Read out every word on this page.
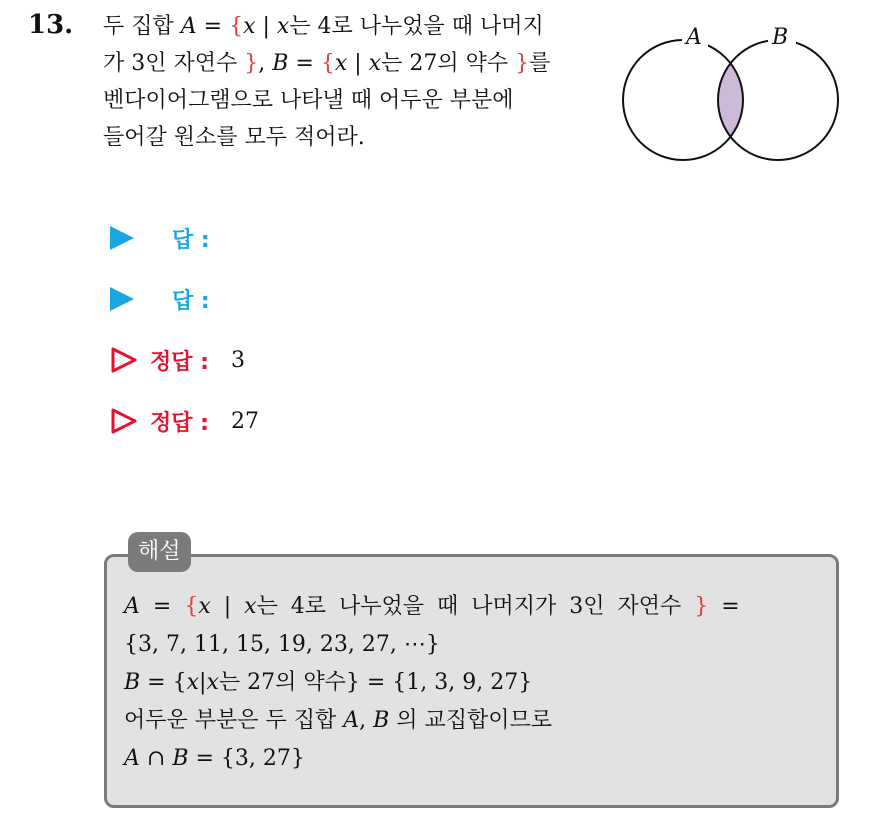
13. 두 집합 A = {x | x는 4로 나누었을 때 나머지
가 3인 자연수 }, B = {x | x는 27의 약수 }를
벤다이어그램으로 나타낼 때 어두운 부분에
들어갈 원소를 모두 적어라.
A	B
답 :
답 :
정답 : 3
정답 : 27
해설
A = {x | x는 4로 나누었을 때 나머지가 3인 자연수 } =
{3, 7, 11, 15, 19, 23, 27, ⋯}
B = {x|x는 27의 약수} = {1, 3, 9, 27}
어두운 부분은 두 집합 A, B 의 교집합이므로
A ∩ B = {3, 27}
